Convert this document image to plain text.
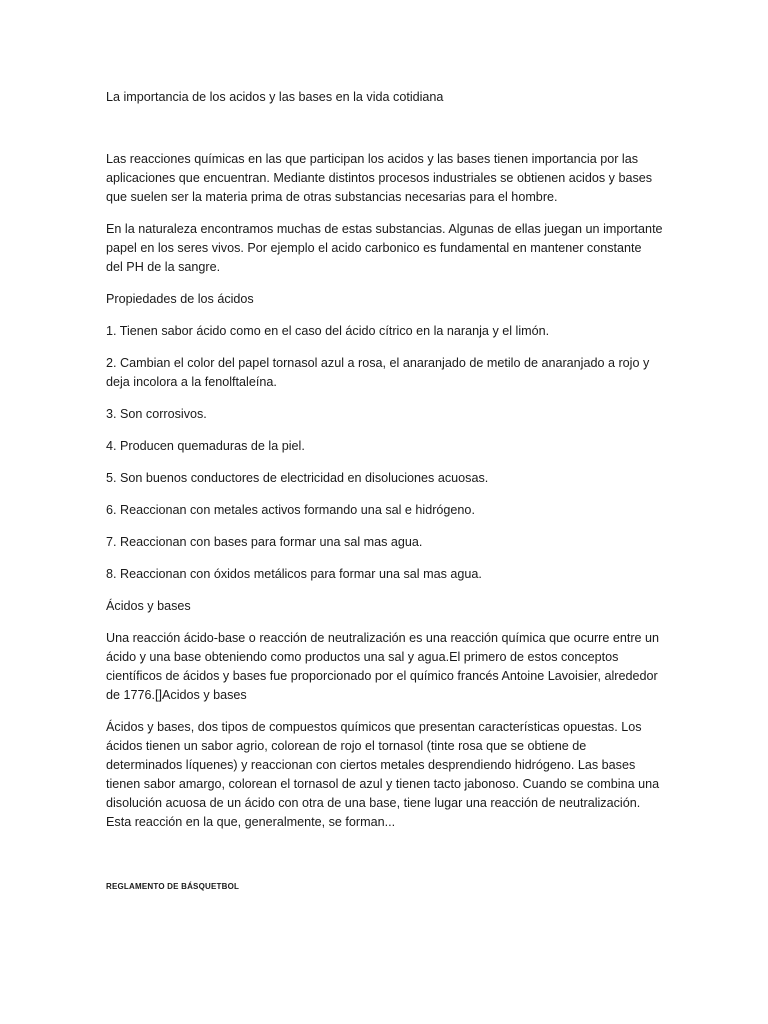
La importancia de los acidos y las bases en la vida cotidiana

Las reacciones químicas en las que participan los acidos y las bases tienen importancia por las
aplicaciones que encuentran. Mediante distintos procesos industriales se obtienen acidos y bases
que suelen ser la materia prima de otras substancias necesarias para el hombre.

En la naturaleza encontramos muchas de estas substancias. Algunas de ellas juegan un importante
papel en los seres vivos. Por ejemplo el acido carbonico es fundamental en mantener constante
del PH de la sangre.

Propiedades de los ácidos

1. Tienen sabor ácido como en el caso del ácido cítrico en la naranja y el limón.

2. Cambian el color del papel tornasol azul a rosa, el anaranjado de metilo de anaranjado a rojo y
deja incolora a la fenolftaleína.

3. Son corrosivos.

4. Producen quemaduras de la piel.

5. Son buenos conductores de electricidad en disoluciones acuosas.

6. Reaccionan con metales activos formando una sal e hidrógeno.

7. Reaccionan con bases para formar una sal mas agua.

8. Reaccionan con óxidos metálicos para formar una sal mas agua.

Ácidos y bases

Una reacción ácido-base o reacción de neutralización es una reacción química que ocurre entre un
ácido y una base obteniendo como productos una sal y agua.El primero de estos conceptos
científicos de ácidos y bases fue proporcionado por el químico francés Antoine Lavoisier, alrededor
de 1776.[]Acidos y bases

Ácidos y bases, dos tipos de compuestos químicos que presentan características opuestas. Los
ácidos tienen un sabor agrio, colorean de rojo el tornasol (tinte rosa que se obtiene de
determinados líquenes) y reaccionan con ciertos metales desprendiendo hidrógeno. Las bases
tienen sabor amargo, colorean el tornasol de azul y tienen tacto jabonoso. Cuando se combina una
disolución acuosa de un ácido con otra de una base, tiene lugar una reacción de neutralización.
Esta reacción en la que, generalmente, se forman...

REGLAMENTO DE BÁSQUETBOL
